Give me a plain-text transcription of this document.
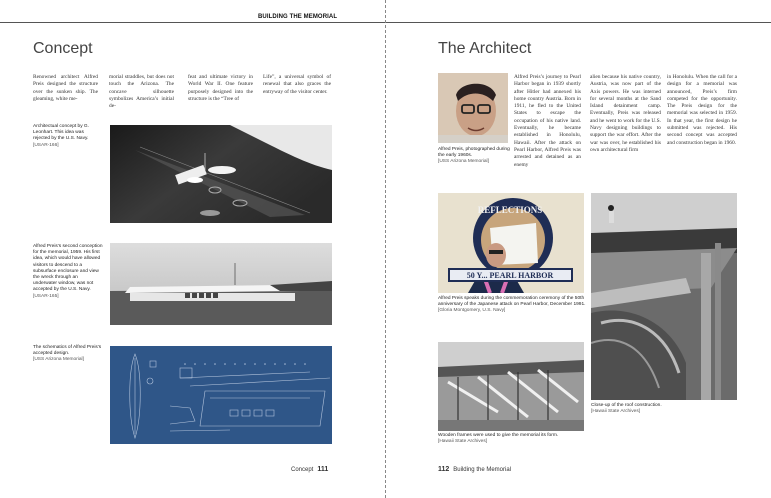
BUILDING THE MEMORIAL
Concept
Renowned architect Alfred Preis designed the structure over the sunken ship. The gleaming, white me-
morial straddles, but does not touch the Arizona. The concave silhouette symbolizes America’s initial de-
feat and ultimate victory in World War II. One feature purposely designed into the structure is the “Tree of
Life”, a universal symbol of renewal that also graces the entryway of the visitor center.
Architectual concept by G. Leonhart. This idea was rejected by the U.S. Navy.
[USAR-166]
Alfred Preis’s second conception for the memorial, 1959. His first idea, which would have allowed visitors to descend to a subsurface enclosure and view the wreck through an underwater window, was not accepted by the U.S. Navy.
[USAR-165]
The schematics of Alfred Preis’s accepted design.
[USS Arizona Memorial]
Concept 111
The Architect
Alfred Preis, photographed during the early 1960s.
[USS Arizona Memorial]
Alfred Preis’s journey to Pearl Harbor began in 1939 shortly after Hitler had annexed his home country Austria. Born in 1911, he fled to the United States to escape the occupation of his native land. Eventually, he became established in Honolulu, Hawaii. After the attack on Pearl Harbor, Alfred Preis was arrested and detained as an enemy
alien because his native country, Austria, was now part of the Axis powers. He was interned for several months at the Sand Island detainment camp. Eventually, Preis was released and he went to work for the U.S. Navy designing buildings to support the war effort. After the war was over, he established his own architectural firm
in Honolulu. When the call for a design for a memorial was announced, Preis’s firm competed for the opportunity. The Preis design for the memorial was selected in 1959. In that year, the first design he submitted was rejected. His second concept was accepted and construction began in 1960.
REFLECTIONS
50 Y... PEARL HARBOR
Alfred Preis speaks during the commemoration ceremony of the 50th anniversary of the Japanese attack on Pearl Harbor, December 1991.
[Gloria Montgomery, U.S. Navy]
Wooden frames were used to give the memorial its form.
[Hawaii State Archives]
Close-up of the roof construction.
[Hawaii State Archives]
112 Building the Memorial
